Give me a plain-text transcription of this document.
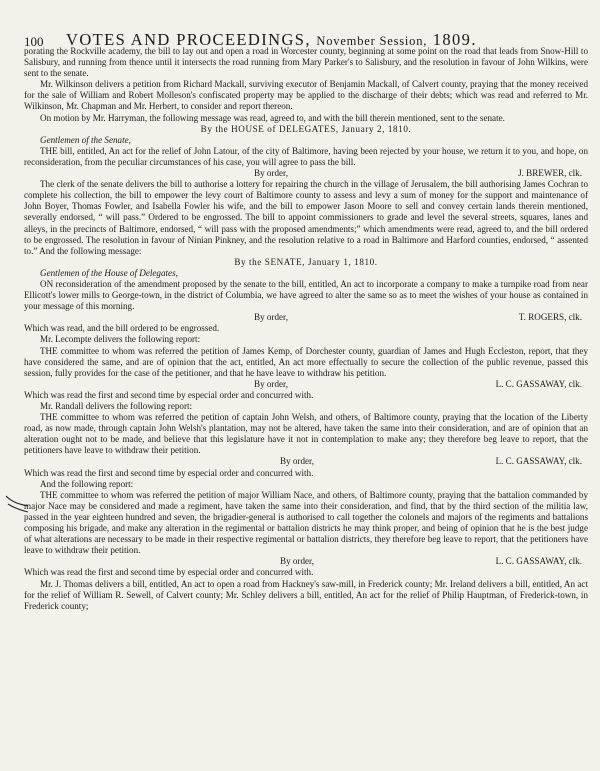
100 VOTES AND PROCEEDINGS, November Session, 1809.

porating the Rockville academy, the bill to lay out and open a road in Worcester county, beginning at some point on the road that leads from Snow-Hill to Salisbury, and running from thence until it intersects the road running from Mary Parker's to Salisbury, and the resolution in favour of John Wilkins, were sent to the senate.

Mr. Wilkinson delivers a petition from Richard Mackall, surviving executor of Benjamin Mackall, of Calvert county, praying that the money received for the sale of William and Robert Molleson's confiscated property may be applied to the discharge of their debts; which was read and referred to Mr. Wilkinson, Mr. Chapman and Mr. Herbert, to consider and report thereon.

On motion by Mr. Harryman, the following message was read, agreed to, and with the bill therein mentioned, sent to the senate.

By the HOUSE of DELEGATES, January 2, 1810.

Gentlemen of the Senate,

THE bill, entitled, An act for the relief of John Latour, of the city of Baltimore, having been rejected by your house, we return it to you, and hope, on reconsideration, from the peculiar circumstances of his case, you will agree to pass the bill.

By order,	J. BREWER, clk.

The clerk of the senate delivers the bill to authorise a lottery for repairing the church in the village of Jerusalem, the bill authorising James Cochran to complete his collection, the bill to empower the levy court of Baltimore county to assess and levy a sum of money for the support and maintenance of John Boyer, Thomas Fowler, and Isabella Fowler his wife, and the bill to empower Jason Moore to sell and convey certain lands therein mentioned, severally endorsed, “ will pass.” Ordered to be engrossed. The bill to appoint commissioners to grade and level the several streets, squares, lanes and alleys, in the precincts of Baltimore, endorsed, “ will pass with the proposed amendments;” which amendments were read, agreed to, and the bill ordered to be engrossed. The resolution in favour of Ninian Pinkney, and the resolution relative to a road in Baltimore and Harford counties, endorsed, “ assented to.” And the following message:

By the SENATE, January 1, 1810.

Gentlemen of the House of Delegates,

ON reconsideration of the amendment proposed by the senate to the bill, entitled, An act to incorporate a company to make a turnpike road from near Ellicott's lower mills to George-town, in the district of Columbia, we have agreed to alter the same so as to meet the wishes of your house as contained in your message of this morning.

By order,	T. ROGERS, clk.

Which was read, and the bill ordered to be engrossed.

Mr. Lecompte delivers the following report:

THE committee to whom was referred the petition of James Kemp, of Dorchester county, guardian of James and Hugh Eccleston, report, that they have considered the same, and are of opinion that the act, entitled, An act more effectually to secure the collection of the public revenue, passed this session, fully provides for the case of the petitioner, and that he have leave to withdraw his petition.

By order,	L. C. GASSAWAY, clk.

Which was read the first and second time by especial order and concurred with.

Mr. Randall delivers the following report:

THE committee to whom was referred the petition of captain John Welsh, and others, of Baltimore county, praying that the location of the Liberty road, as now made, through captain John Welsh's plantation, may not be altered, have taken the same into their consideration, and are of opinion that an alteration ought not to be made, and believe that this legislature have it not in contemplation to make any; they therefore beg leave to report, that the petitioners have leave to withdraw their petition.

By order,	L. C. GASSAWAY, clk.

Which was read the first and second time by especial order and concurred with.

And the following report:

THE committee to whom was referred the petition of major William Nace, and others, of Baltimore county, praying that the battalion commanded by major Nace may be considered and made a regiment, have taken the same into their consideration, and find, that by the third section of the militia law, passed in the year eighteen hundred and seven, the brigadier-general is authorised to call together the colonels and majors of the regiments and battalions composing his brigade, and make any alteration in the regimental or battalion districts he may think proper, and being of opinion that he is the best judge of what alterations are necessary to be made in their respective regimental or battalion districts, they therefore beg leave to report, that the petitioners have leave to withdraw their petition.

By order,	L. C. GASSAWAY, clk.

Which was read the first and second time by especial order and concurred with.

Mr. J. Thomas delivers a bill, entitled, An act to open a road from Hackney's saw-mill, in Frederick county; Mr. Ireland delivers a bill, entitled, An act for the relief of William R. Sewell, of Calvert county; Mr. Schley delivers a bill, entitled, An act for the relief of Philip Hauptman, of Frederick-town, in Frederick county;
